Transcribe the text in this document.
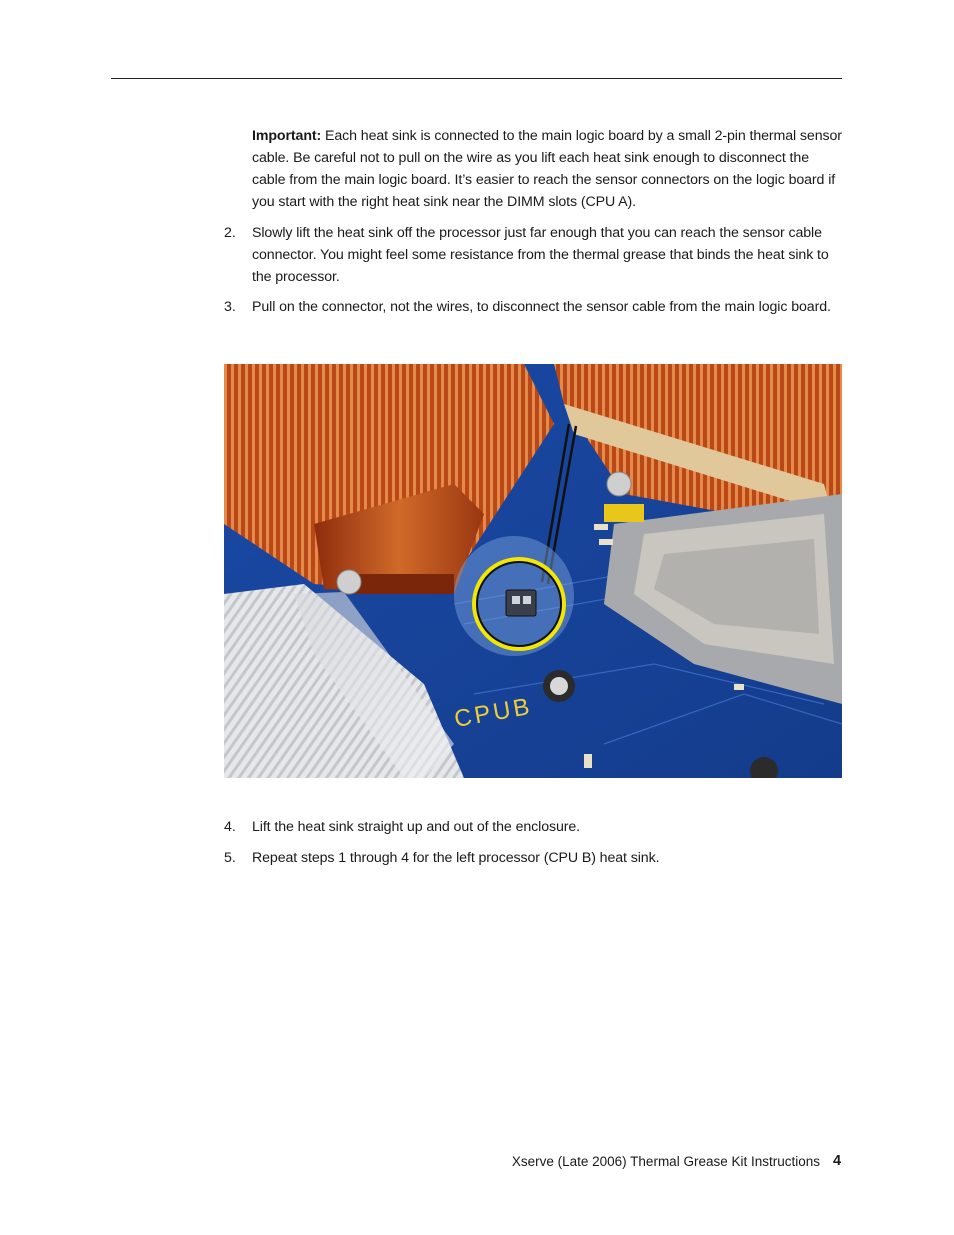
Important: Each heat sink is connected to the main logic board by a small 2-pin thermal sensor cable. Be careful not to pull on the wire as you lift each heat sink enough to disconnect the cable from the main logic board. It’s easier to reach the sensor connectors on the logic board if you start with the right heat sink near the DIMM slots (CPU A).
2. Slowly lift the heat sink off the processor just far enough that you can reach the sensor cable connector. You might feel some resistance from the thermal grease that binds the heat sink to the processor.
3. Pull on the connector, not the wires, to disconnect the sensor cable from the main logic board.
CPUB
4. Lift the heat sink straight up and out of the enclosure.
5. Repeat steps 1 through 4 for the left processor (CPU B) heat sink.
Xserve (Late 2006) Thermal Grease Kit Instructions 4
